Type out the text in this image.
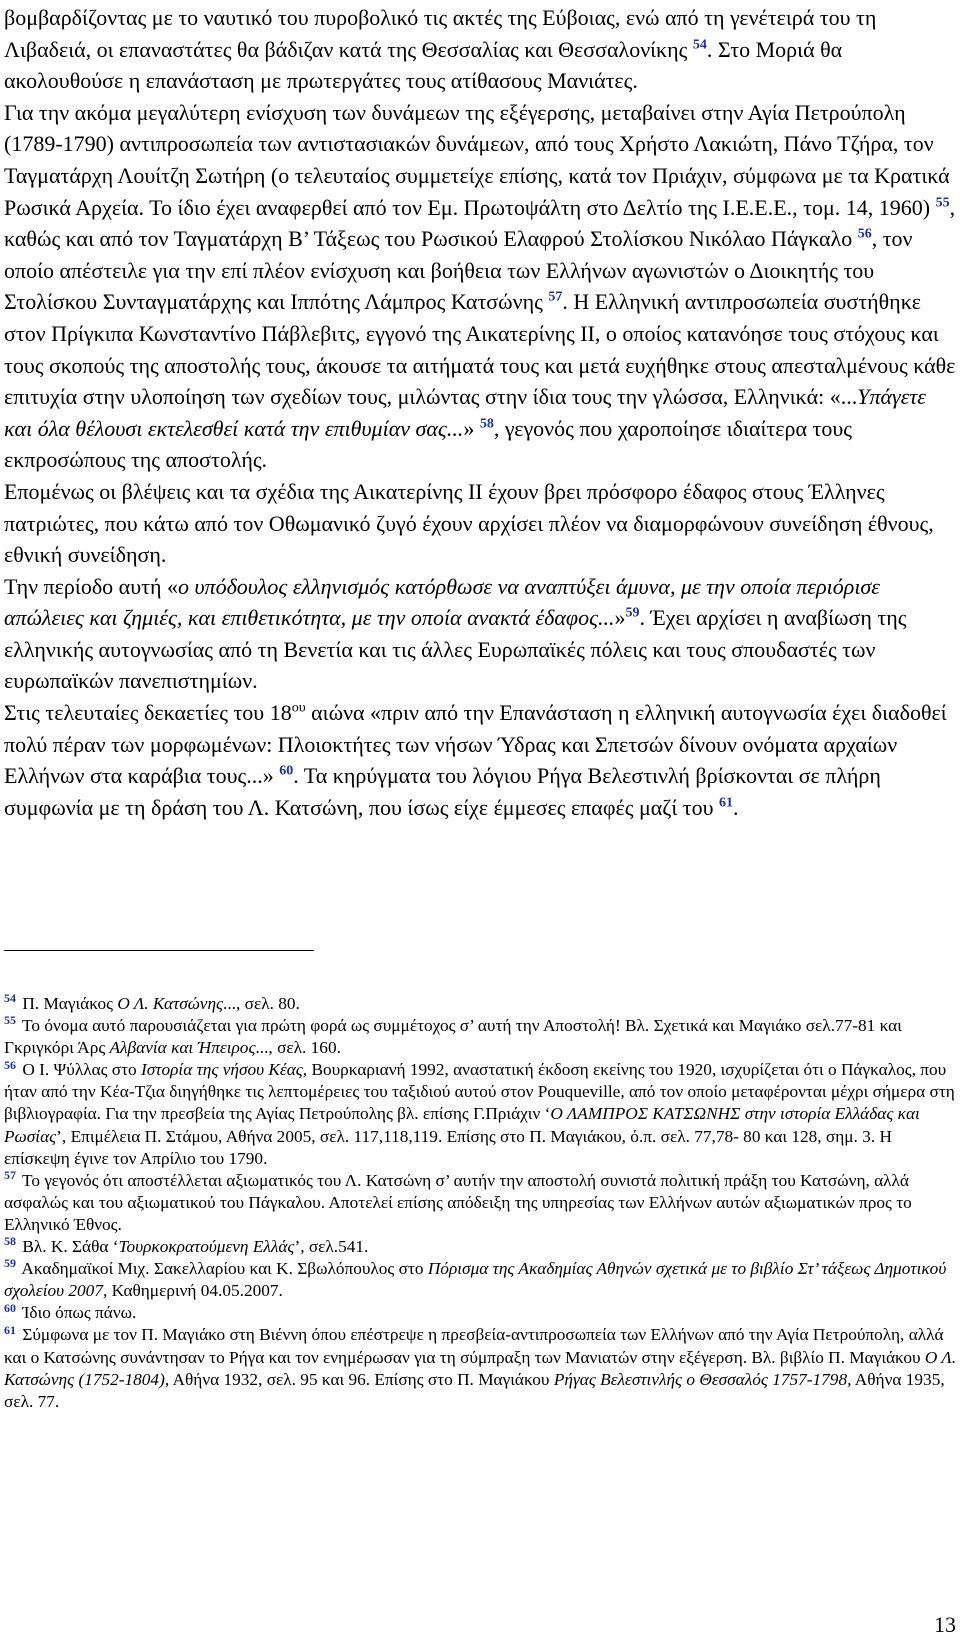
βομβαρδίζοντας με το ναυτικό του πυροβολικό τις ακτές της Εύβοιας, ενώ από τη γενέτειρά του τη Λιβαδειά, οι επαναστάτες θα βάδιζαν κατά της Θεσσαλίας και Θεσσαλονίκης $^{54}$. Στο Μοριά θα ακολουθούσε η επανάσταση με πρωτεργάτες τους ατίθασους Μανιάτες.

Για την ακόμα μεγαλύτερη ενίσχυση των δυνάμεων της εξέγερσης, μεταβαίνει στην Αγία Πετρούπολη (1789-1790) αντιπροσωπεία των αντιστασιακών δυνάμεων, από τους Χρήστο Λακιώτη, Πάνο Τζήρα, τον Ταγματάρχη Λουίτζη Σωτήρη (ο τελευταίος συμμετείχε επίσης, κατά τον Πριάχιν, σύμφωνα με τα Κρατικά Ρωσικά Αρχεία. Το ίδιο έχει αναφερθεί από τον Εμ. Πρωτοψάλτη στο Δελτίο της Ι.Ε.Ε.Ε., τομ. 14, 1960) $^{55}$, καθώς και από τον Ταγματάρχη Β’ Τάξεως του Ρωσικού Ελαφρού Στολίσκου Νικόλαο Πάγκαλο $^{56}$, τον οποίο απέστειλε για την επί πλέον ενίσχυση και βοήθεια των Ελλήνων αγωνιστών ο Διοικητής του Στολίσκου Συνταγματάρχης και Ιππότης Λάμπρος Κατσώνης $^{57}$. Η Ελληνική αντιπροσωπεία συστήθηκε στον Πρίγκιπα Κωνσταντίνο Πάβλεβιτς, εγγονό της Αικατερίνης ΙΙ, ο οποίος κατανόησε τους στόχους και τους σκοπούς της αποστολής τους, άκουσε τα αιτήματά τους και μετά ευχήθηκε στους απεσταλμένους κάθε επιτυχία στην υλοποίηση των σχεδίων τους, μιλώντας στην ίδια τους την γλώσσα, Ελληνικά: «...Υπάγετε και όλα θέλουσι εκτελεσθεί κατά την επιθυμίαν σας...» $^{58}$, γεγονός που χαροποίησε ιδιαίτερα τους εκπροσώπους της αποστολής.

Επομένως οι βλέψεις και τα σχέδια της Αικατερίνης ΙΙ έχουν βρει πρόσφορο έδαφος στους Έλληνες πατριώτες, που κάτω από τον Οθωμανικό ζυγό έχουν αρχίσει πλέον να διαμορφώνουν συνείδηση έθνους, εθνική συνείδηση.

Την περίοδο αυτή «ο υπόδουλος ελληνισμός κατόρθωσε να αναπτύξει άμυνα, με την οποία περιόρισε απώλειες και ζημιές, και επιθετικότητα, με την οποία ανακτά έδαφος...»$^{59}$. Έχει αρχίσει η αναβίωση της ελληνικής αυτογνωσίας από τη Βενετία και τις άλλες Ευρωπαϊκές πόλεις και τους σπουδαστές των ευρωπαϊκών πανεπιστημίων.

Στις τελευταίες δεκαετίες του $18^{o\upsilon}$ αιώνα «πριν από την Επανάσταση η ελληνική αυτογνωσία έχει διαδοθεί πολύ πέραν των μορφωμένων: Πλοιοκτήτες των νήσων Ύδρας και Σπετσών δίνουν ονόματα αρχαίων Ελλήνων στα καράβια τους...» $^{60}$. Τα κηρύγματα του λόγιου Ρήγα Βελεστινλή βρίσκονται σε πλήρη συμφωνία με τη δράση του Λ. Κατσώνη, που ίσως είχε έμμεσες επαφές μαζί του $^{61}$.

$^{54}$ Π. Μαγιάκος Ο Λ. Κατσώνης..., σελ. 80.

$^{55}$ Το όνομα αυτό παρουσιάζεται για πρώτη φορά ως συμμέτοχος σ’ αυτή την Αποστολή! Βλ. Σχετικά και Μαγιάκο σελ.77-81 και Γκριγκόρι Άρς Αλβανία και Ήπειρος..., σελ. 160.

$^{56}$ Ο Ι. Ψύλλας στο Ιστορία της νήσου Κέας, Βουρκαριανή 1992, αναστατική έκδοση εκείνης του 1920, ισχυρίζεται ότι ο Πάγκαλος, που ήταν από την Κέα-Τζια διηγήθηκε τις λεπτομέρειες του ταξιδιού αυτού στον Pouqueville, από τον οποίο μεταφέρονται μέχρι σήμερα στη βιβλιογραφία. Για την πρεσβεία της Αγίας Πετρούπολης βλ. επίσης Γ.Πριάχιν ‘Ο ΛΑΜΠΡΟΣ ΚΑΤΣΩΝΗΣ στην ιστορία Ελλάδας και Ρωσίας’, Επιμέλεια Π. Στάμου, Αθήνα 2005, σελ. 117,118,119. Επίσης στο Π. Μαγιάκου, ό.π. σελ. 77,78- 80 και 128, σημ. 3. Η επίσκεψη έγινε τον Απρίλιο του 1790.

$^{57}$ Το γεγονός ότι αποστέλλεται αξιωματικός του Λ. Κατσώνη σ’ αυτήν την αποστολή συνιστά πολιτική πράξη του Κατσώνη, αλλά ασφαλώς και του αξιωματικού του Πάγκαλου. Αποτελεί επίσης απόδειξη της υπηρεσίας των Ελλήνων αυτών αξιωματικών προς το Ελληνικό Έθνος.

$^{58}$ Βλ. Κ. Σάθα ‘Τουρκοκρατούμενη Ελλάς’, σελ.541.

$^{59}$ Ακαδημαϊκοί Μιχ. Σακελλαρίου και Κ. Σβωλόπουλος στο Πόρισμα της Ακαδημίας Αθηνών σχετικά με το βιβλίο Στ’ τάξεως Δημοτικού σχολείου 2007, Καθημερινή 04.05.2007.

$^{60}$ Ίδιο όπως πάνω.

$^{61}$ Σύμφωνα με τον Π. Μαγιάκο στη Βιέννη όπου επέστρεψε η πρεσβεία-αντιπροσωπεία των Ελλήνων από την Αγία Πετρούπολη, αλλά και ο Κατσώνης συνάντησαν το Ρήγα και τον ενημέρωσαν για τη σύμπραξη των Μανιατών στην εξέγερση. Βλ. βιβλίο Π. Μαγιάκου Ο Λ. Κατσώνης (1752-1804), Αθήνα 1932, σελ. 95 και 96. Επίσης στο Π. Μαγιάκου Ρήγας Βελεστινλής ο Θεσσαλός 1757-1798, Αθήνα 1935, σελ. 77.

13
